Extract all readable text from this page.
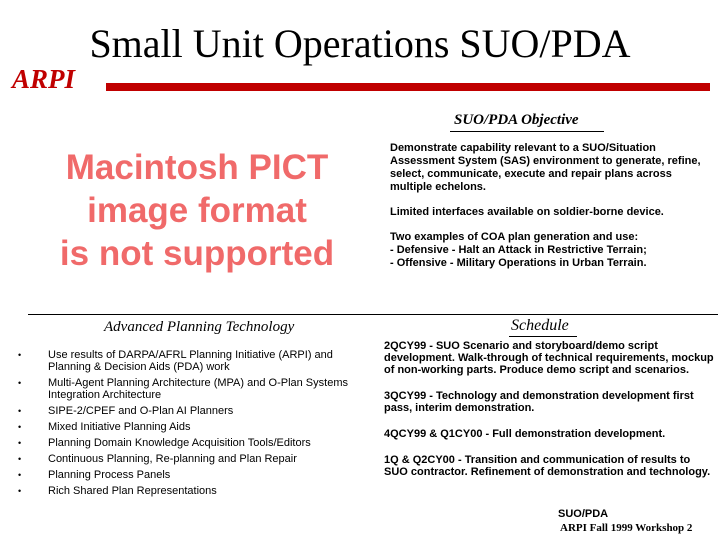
Small Unit Operations SUO/PDA
ARPI
Macintosh PICT
image format
is not supported
SUO/PDA Objective

Demonstrate capability relevant to a SUO/Situation Assessment System (SAS) environment to generate, refine, select, communicate, execute and repair plans across multiple echelons.

Limited interfaces available on soldier-borne device.

Two examples of COA plan generation and use:
- Defensive - Halt an Attack in Restrictive Terrain;
- Offensive - Military Operations in Urban Terrain.

Advanced Planning Technology
• Use results of DARPA/AFRL Planning Initiative (ARPI) and Planning & Decision Aids (PDA) work
• Multi-Agent Planning Architecture (MPA) and O-Plan Systems Integration Architecture
• SIPE-2/CPEF and O-Plan AI Planners
• Mixed Initiative Planning Aids
• Planning Domain Knowledge Acquisition Tools/Editors
• Continuous Planning, Re-planning and Plan Repair
• Planning Process Panels
• Rich Shared Plan Representations
Schedule

2QCY99 - SUO Scenario and storyboard/demo script development. Walk-through of technical requirements, mockup of non-working parts. Produce demo script and scenarios.

3QCY99 - Technology and demonstration development first pass, interim demonstration.

4QCY99 & Q1CY00 - Full demonstration development.

1Q & Q2CY00 - Transition and communication of results to SUO contractor. Refinement of demonstration and technology.

SUO/PDA
ARPI Fall 1999 Workshop 2
